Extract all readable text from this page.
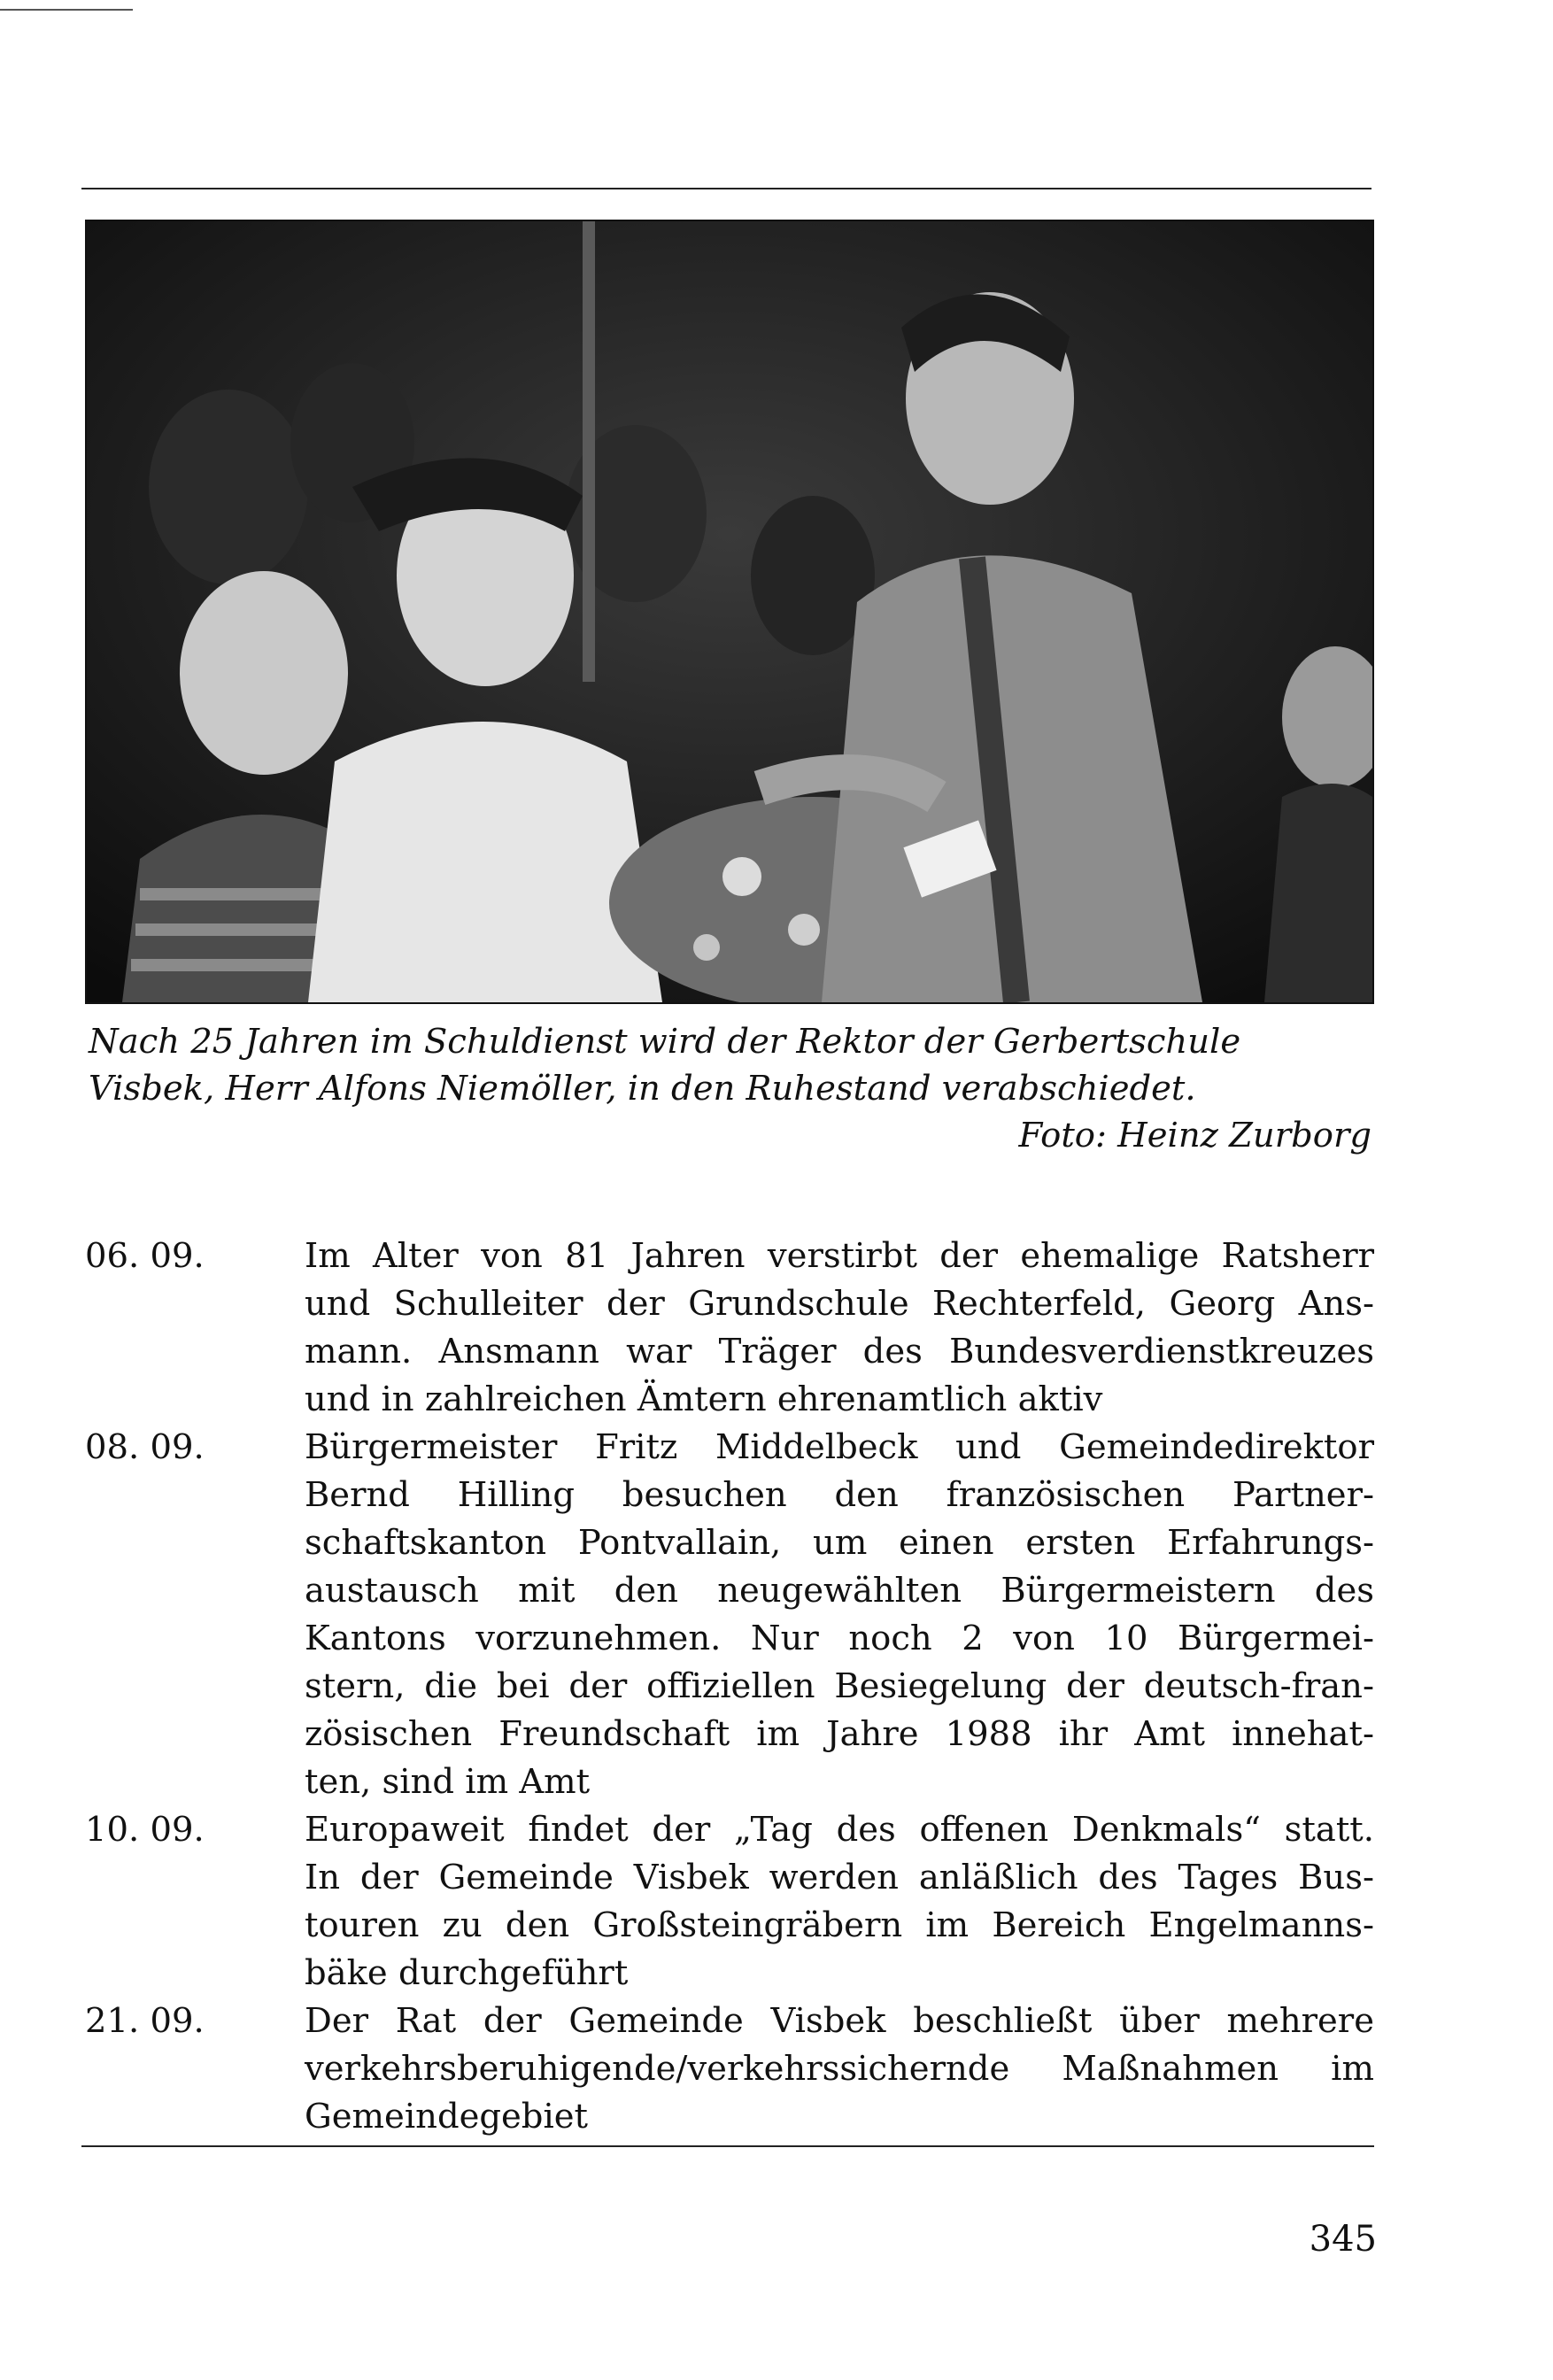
Nach 25 Jahren im Schuldienst wird der Rektor der Gerbertschule
Visbek, Herr Alfons Niemöller, in den Ruhestand verabschiedet.

Foto: Heinz Zurborg

06. 09.	Im Alter von 81 Jahren verstirbt der ehemalige Ratsherr
und Schulleiter der Grundschule Rechterfeld, Georg Ans-
mann. Ansmann war Träger des Bundesverdienstkreuzes
und in zahlreichen Ämtern ehrenamtlich aktiv
08. 09.	Bürgermeister Fritz Middelbeck und Gemeindedirektor
Bernd Hilling besuchen den französischen Partner-
schaftskanton Pontvallain, um einen ersten Erfahrungs-
austausch mit den neugewählten Bürgermeistern des
Kantons vorzunehmen. Nur noch 2 von 10 Bürgermei-
stern, die bei der offiziellen Besiegelung der deutsch-fran-
zösischen Freundschaft im Jahre 1988 ihr Amt innehat-
ten, sind im Amt
10. 09.	Europaweit findet der „Tag des offenen Denkmals“ statt.
In der Gemeinde Visbek werden anläßlich des Tages Bus-
touren zu den Großsteingräbern im Bereich Engelmanns-
bäke durchgeführt
21. 09.	Der Rat der Gemeinde Visbek beschließt über mehrere
verkehrsberuhigende/verkehrssichernde Maßnahmen im
Gemeindegebiet
345
